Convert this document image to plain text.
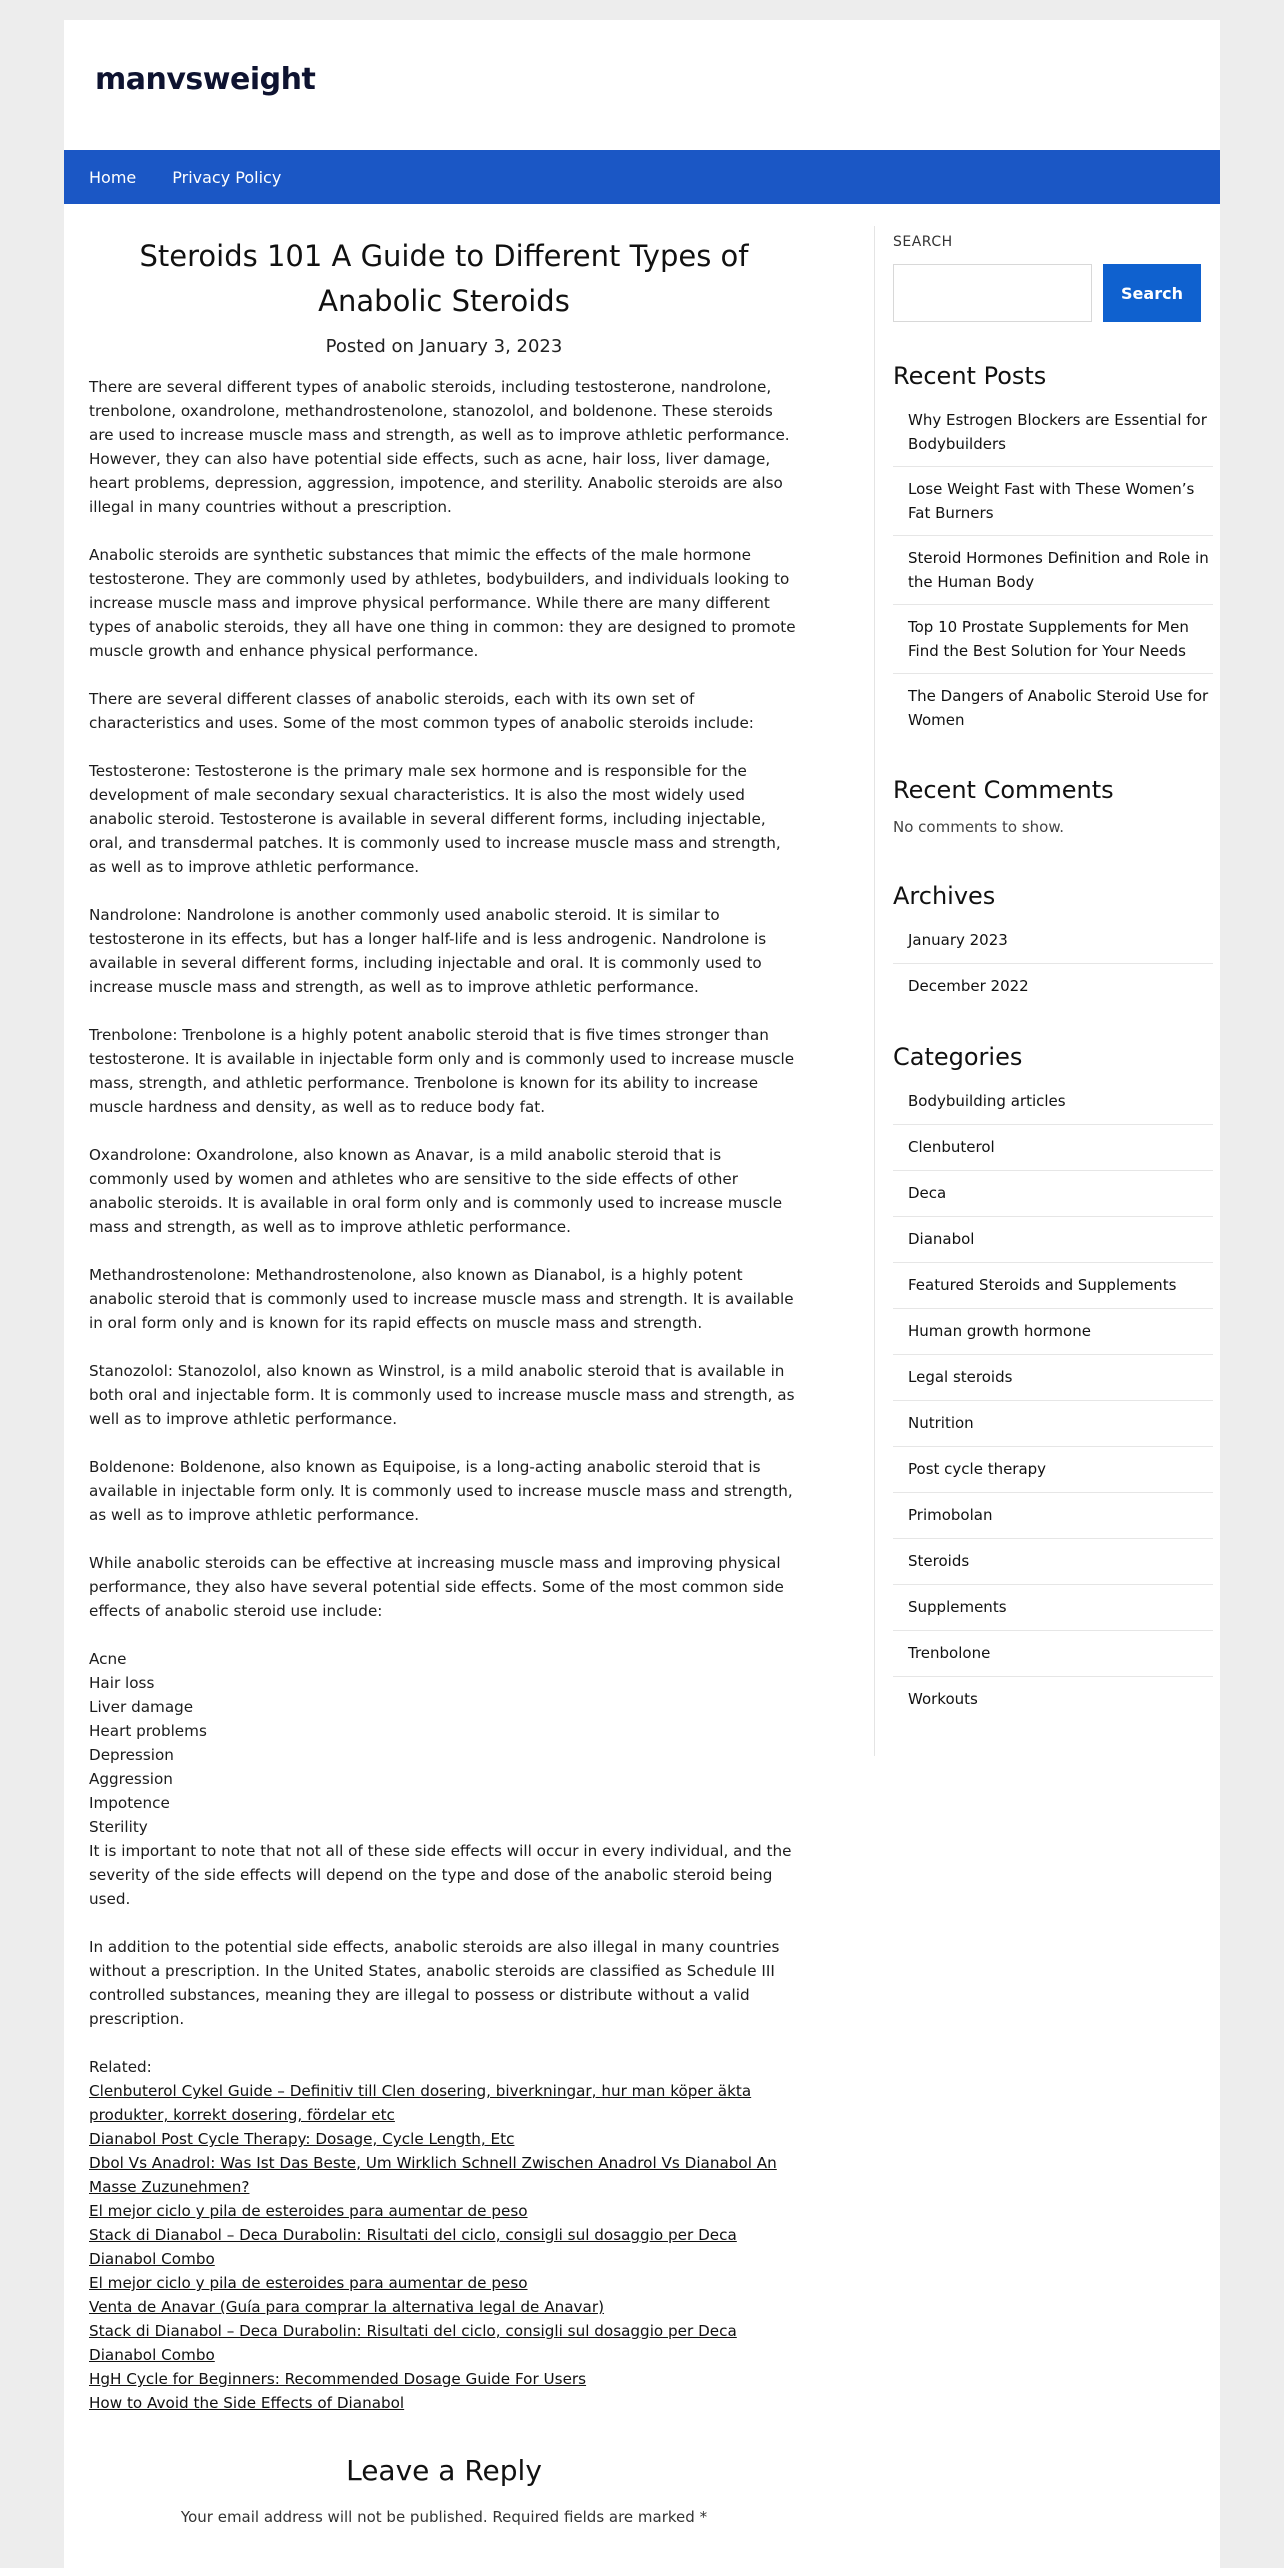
manvsweight
Home Privacy Policy
Steroids 101 A Guide to Different Types of Anabolic Steroids
Posted on January 3, 2023

There are several different types of anabolic steroids, including testosterone, nandrolone, trenbolone, oxandrolone, methandrostenolone, stanozolol, and boldenone. These steroids are used to increase muscle mass and strength, as well as to improve athletic performance. However, they can also have potential side effects, such as acne, hair loss, liver damage, heart problems, depression, aggression, impotence, and sterility. Anabolic steroids are also illegal in many countries without a prescription.

Anabolic steroids are synthetic substances that mimic the effects of the male hormone testosterone. They are commonly used by athletes, bodybuilders, and individuals looking to increase muscle mass and improve physical performance. While there are many different types of anabolic steroids, they all have one thing in common: they are designed to promote muscle growth and enhance physical performance.

There are several different classes of anabolic steroids, each with its own set of characteristics and uses. Some of the most common types of anabolic steroids include:

Testosterone: Testosterone is the primary male sex hormone and is responsible for the development of male secondary sexual characteristics. It is also the most widely used anabolic steroid. Testosterone is available in several different forms, including injectable, oral, and transdermal patches. It is commonly used to increase muscle mass and strength, as well as to improve athletic performance.

Nandrolone: Nandrolone is another commonly used anabolic steroid. It is similar to testosterone in its effects, but has a longer half-life and is less androgenic. Nandrolone is available in several different forms, including injectable and oral. It is commonly used to increase muscle mass and strength, as well as to improve athletic performance.

Trenbolone: Trenbolone is a highly potent anabolic steroid that is five times stronger than testosterone. It is available in injectable form only and is commonly used to increase muscle mass, strength, and athletic performance. Trenbolone is known for its ability to increase muscle hardness and density, as well as to reduce body fat.

Oxandrolone: Oxandrolone, also known as Anavar, is a mild anabolic steroid that is commonly used by women and athletes who are sensitive to the side effects of other anabolic steroids. It is available in oral form only and is commonly used to increase muscle mass and strength, as well as to improve athletic performance.

Methandrostenolone: Methandrostenolone, also known as Dianabol, is a highly potent anabolic steroid that is commonly used to increase muscle mass and strength. It is available in oral form only and is known for its rapid effects on muscle mass and strength.

Stanozolol: Stanozolol, also known as Winstrol, is a mild anabolic steroid that is available in both oral and injectable form. It is commonly used to increase muscle mass and strength, as well as to improve athletic performance.

Boldenone: Boldenone, also known as Equipoise, is a long-acting anabolic steroid that is available in injectable form only. It is commonly used to increase muscle mass and strength, as well as to improve athletic performance.

While anabolic steroids can be effective at increasing muscle mass and improving physical performance, they also have several potential side effects. Some of the most common side effects of anabolic steroid use include:

Acne
Hair loss
Liver damage
Heart problems
Depression
Aggression
Impotence
Sterility
It is important to note that not all of these side effects will occur in every individual, and the severity of the side effects will depend on the type and dose of the anabolic steroid being used.

In addition to the potential side effects, anabolic steroids are also illegal in many countries without a prescription. In the United States, anabolic steroids are classified as Schedule III controlled substances, meaning they are illegal to possess or distribute without a valid prescription.

Related:
Clenbuterol Cykel Guide – Definitiv till Clen dosering, biverkningar, hur man köper äkta produkter, korrekt dosering, fördelar etc
Dianabol Post Cycle Therapy: Dosage, Cycle Length, Etc
Dbol Vs Anadrol: Was Ist Das Beste, Um Wirklich Schnell Zwischen Anadrol Vs Dianabol An Masse Zuzunehmen?
El mejor ciclo y pila de esteroides para aumentar de peso
Stack di Dianabol – Deca Durabolin: Risultati del ciclo, consigli sul dosaggio per Deca Dianabol Combo
El mejor ciclo y pila de esteroides para aumentar de peso
Venta de Anavar (Guía para comprar la alternativa legal de Anavar)
Stack di Dianabol – Deca Durabolin: Risultati del ciclo, consigli sul dosaggio per Deca Dianabol Combo
HgH Cycle for Beginners: Recommended Dosage Guide For Users
How to Avoid the Side Effects of Dianabol
SEARCH
Search
Recent Posts
Why Estrogen Blockers are Essential for Bodybuilders
Lose Weight Fast with These Women’s Fat Burners
Steroid Hormones Definition and Role in the Human Body
Top 10 Prostate Supplements for Men Find the Best Solution for Your Needs
The Dangers of Anabolic Steroid Use for Women
Recent Comments
No comments to show.
Archives
January 2023
December 2022
Categories
Bodybuilding articles
Clenbuterol
Deca
Dianabol
Featured Steroids and Supplements
Human growth hormone
Legal steroids
Nutrition
Post cycle therapy
Primobolan
Steroids
Supplements
Trenbolone
Workouts
Leave a Reply
Your email address will not be published. Required fields are marked *
